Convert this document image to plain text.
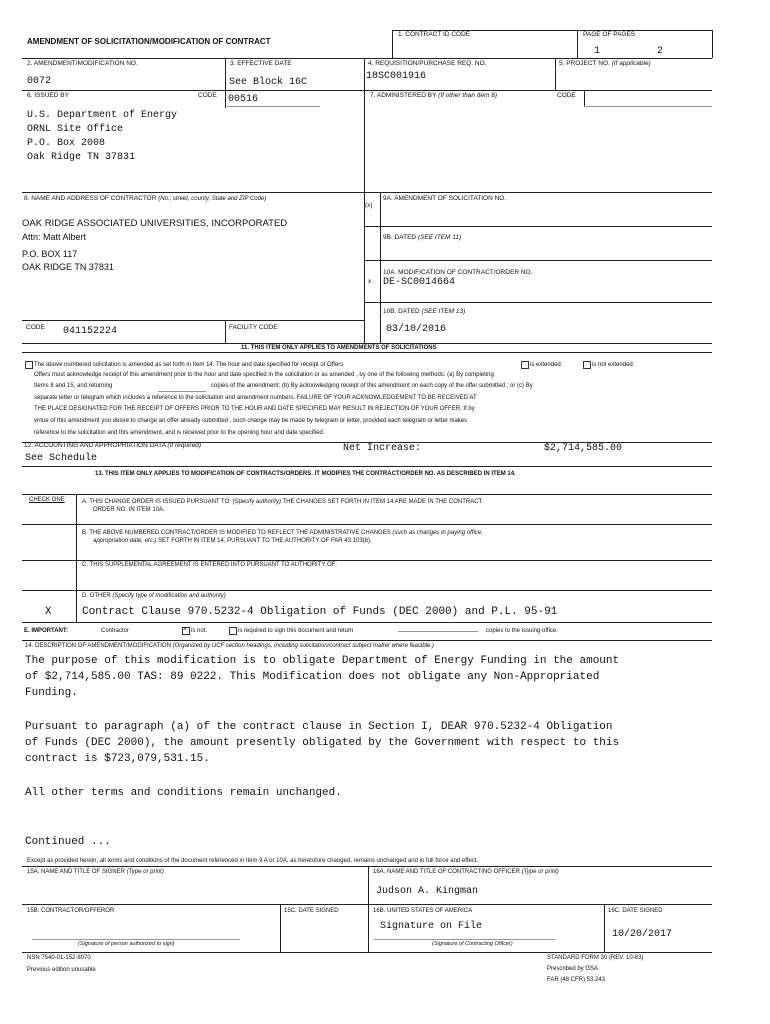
AMENDMENT OF SOLICITATION/MODIFICATION OF CONTRACT
1. CONTRACT ID CODE	PAGE OF PAGES
1	2
2. AMENDMENT/MODIFICATION NO.
0072
3. EFFECTIVE DATE
See Block 16C
4. REQUISITION/PURCHASE REQ. NO.
18SC001916
5. PROJECT NO. (If applicable)
6. ISSUED BY	CODE 00516	7. ADMINISTERED BY (If other than Item 6)	CODE
U.S. Department of Energy
ORNL Site Office
P.O. Box 2008
Oak Ridge TN 37831
8. NAME AND ADDRESS OF CONTRACTOR (No., street, county, State and ZIP Code)
OAK RIDGE ASSOCIATED UNIVERSITIES, INCORPORATED
Attn: Matt Albert
P.O. BOX 117
OAK RIDGE TN 37831
CODE 041152224	FACILITY CODE
(x)
9A. AMENDMENT OF SOLICITATION NO.
9B. DATED (SEE ITEM 11)
x
10A. MODIFICATION OF CONTRACT/ORDER NO.
DE-SC0014664
10B. DATED (SEE ITEM 13)
03/10/2016
11. THIS ITEM ONLY APPLIES TO AMENDMENTS OF SOLICITATIONS
The above numbered solicitation is amended as set forth in Item 14. The hour and date specified for receipt of Offers	is extended.	is not extended.
Offers must acknowledge receipt of this amendment prior to the hour and date specified in the solicitation or as amended , by one of the following methods: (a) By completing
Items 8 and 15, and returning	copies of the amendment; (b) By acknowledging receipt of this amendment on each copy of the offer submitted ; or (c) By
separate letter or telegram which includes a reference to the solicitation and amendment numbers. FAILURE OF YOUR ACKNOWLEDGEMENT TO BE RECEIVED AT
THE PLACE DESIGNATED FOR THE RECEIPT OF OFFERS PRIOR TO THE HOUR AND DATE SPECIFIED MAY RESULT IN REJECTION OF YOUR OFFER. If by
virtue of this amendment you desire to change an offer already submitted , such change may be made by telegram or letter, provided each telegram or letter makes
reference to the solicitation and this amendment, and is received prior to the opening hour and date specified.
12. ACCOUNTING AND APPROPRIATION DATA (If required)	Net Increase:	$2,714,585.00
See Schedule
13. THIS ITEM ONLY APPLIES TO MODIFICATION OF CONTRACTS/ORDERS. IT MODIFIES THE CONTRACT/ORDER NO. AS DESCRIBED IN ITEM 14.
CHECK ONE	A. THIS CHANGE ORDER IS ISSUED PURSUANT TO: (Specify authority) THE CHANGES SET FORTH IN ITEM 14 ARE MADE IN THE CONTRACT
ORDER NO. IN ITEM 10A.
B. THE ABOVE NUMBERED CONTRACT/ORDER IS MODIFIED TO REFLECT THE ADMINISTRATIVE CHANGES (such as changes in paying office,
appropriation date, etc.) SET FORTH IN ITEM 14, PURSUANT TO THE AUTHORITY OF FAR 43.103(b).
C. THIS SUPPLEMENTAL AGREEMENT IS ENTERED INTO PURSUANT TO AUTHORITY OF:
D. OTHER (Specify type of modification and authority)
X	Contract Clause 970.5232-4 Obligation of Funds (DEC 2000) and P.L. 95-91
E. IMPORTANT:	Contractor	× is not.	is required to sign this document and return	copies to the issuing office.
14. DESCRIPTION OF AMENDMENT/MODIFICATION (Organized by UCF section headings, including solicitation/contract subject matter where feasible.)
The purpose of this modification is to obligate Department of Energy Funding in the amount
of $2,714,585.00 TAS: 89 0222. This Modification does not obligate any Non-Appropriated
Funding.
Pursuant to paragraph (a) of the contract clause in Section I, DEAR 970.5232-4 Obligation
of Funds (DEC 2000), the amount presently obligated by the Government with respect to this
contract is $723,079,531.15.
All other terms and conditions remain unchanged.
Continued ...
Except as provided herein, all terms and conditions of the document referenced in Item 9 A or 10A, as heretofore changed, remains unchanged and in full force and effect.
15A. NAME AND TITLE OF SIGNER (Type or print)	16A. NAME AND TITLE OF CONTRACTING OFFICER (Type or print)
Judson A. Kingman
15B. CONTRACTOR/OFFEROR	15C. DATE SIGNED	16B. UNITED STATES OF AMERICA	16C. DATE SIGNED
Signature on File
10/20/2017
(Signature of person authorized to sign)	(Signature of Contracting Officer)
NSN 7540-01-152-8070
Previous edition unusable
STANDARD FORM 30 (REV. 10-83)
Prescribed by GSA
FAR (48 CFR) 53.243
